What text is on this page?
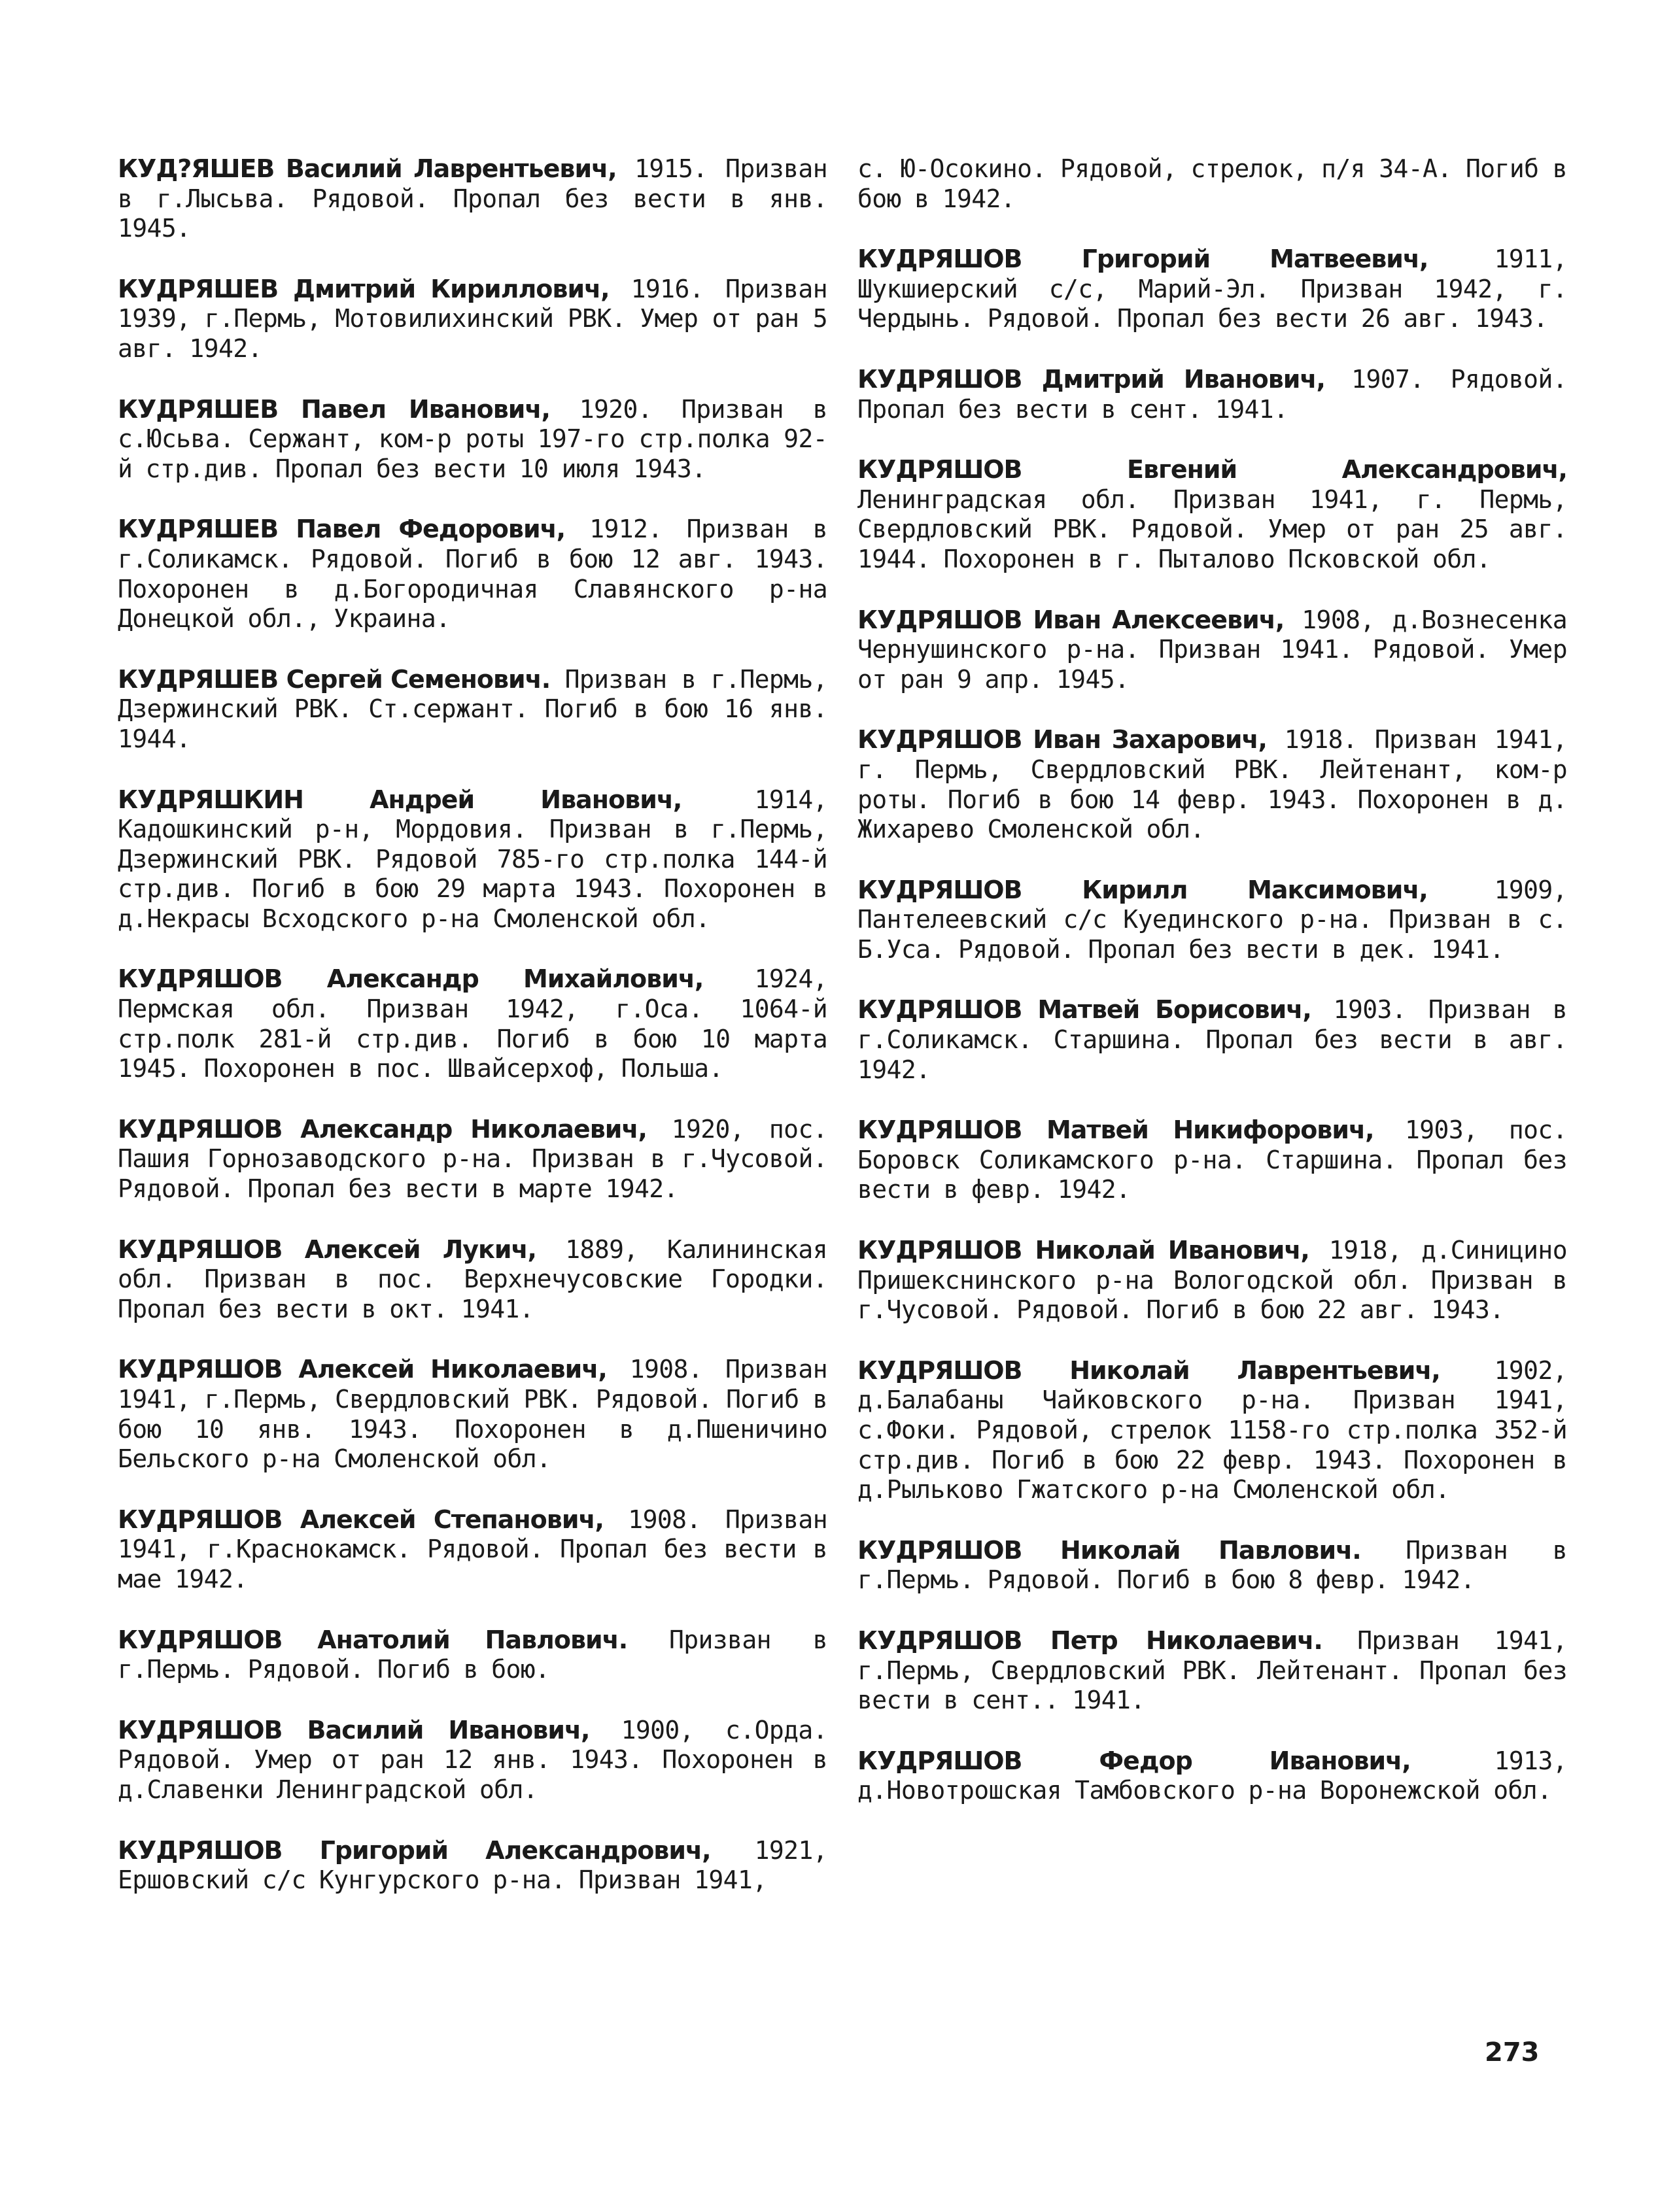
КУД?ЯШЕВ Василий Лаврентьевич, 1915. Призван в г.Лысьва. Рядовой. Пропал без вести в янв. 1945.

КУДРЯШЕВ Дмитрий Кириллович, 1916. Призван 1939, г.Пермь, Мотовилихинский РВК. Умер от ран 5 авг. 1942.

КУДРЯШЕВ Павел Иванович, 1920. Призван в с.Юсьва. Сержант, ком-р роты 197-го стр.полка 92-й стр.див. Пропал без вести 10 июля 1943.

КУДРЯШЕВ Павел Федорович, 1912. Призван в г.Соликамск. Рядовой. Погиб в бою 12 авг. 1943. Похоронен в д.Богородичная Славянского р-на Донецкой обл., Украина.

КУДРЯШЕВ Сергей Семенович. Призван в г.Пермь, Дзержинский РВК. Ст.сержант. Погиб в бою 16 янв. 1944.

КУДРЯШКИН Андрей Иванович, 1914, Кадошкинский р-н, Мордовия. Призван в г.Пермь, Дзержинский РВК. Рядовой 785-го стр.полка 144-й стр.див. Погиб в бою 29 марта 1943. Похоронен в д.Некрасы Всходского р-на Смоленской обл.

КУДРЯШОВ Александр Михайлович, 1924, Пермская обл. Призван 1942, г.Оса. 1064-й стр.полк 281-й стр.див. Погиб в бою 10 марта 1945. Похоронен в пос. Швайсерхоф, Польша.

КУДРЯШОВ Александр Николаевич, 1920, пос. Пашия Горнозаводского р-на. Призван в г.Чусовой. Рядовой. Пропал без вести в марте 1942.

КУДРЯШОВ Алексей Лукич, 1889, Калининская обл. Призван в пос. Верхнечусовские Городки. Пропал без вести в окт. 1941.

КУДРЯШОВ Алексей Николаевич, 1908. Призван 1941, г.Пермь, Свердловский РВК. Рядовой. Погиб в бою 10 янв. 1943. Похоронен в д.Пшеничино Бельского р-на Смоленской обл.

КУДРЯШОВ Алексей Степанович, 1908. Призван 1941, г.Краснокамск. Рядовой. Пропал без вести в мае 1942.

КУДРЯШОВ Анатолий Павлович. Призван в г.Пермь. Рядовой. Погиб в бою.

КУДРЯШОВ Василий Иванович, 1900, с.Орда. Рядовой. Умер от ран 12 янв. 1943. Похоронен в д.Славенки Ленинградской обл.

КУДРЯШОВ Григорий Александрович, 1921, Ершовский с/с Кунгурского р-на. Призван 1941,

с. Ю-Осокино. Рядовой, стрелок, п/я 34-А. Погиб в бою в 1942.

КУДРЯШОВ Григорий Матвеевич, 1911, Шукшиерский с/с, Марий-Эл. Призван 1942, г. Чердынь. Рядовой. Пропал без вести 26 авг. 1943.

КУДРЯШОВ Дмитрий Иванович, 1907. Рядовой. Пропал без вести в сент. 1941.

КУДРЯШОВ Евгений Александрович, Ленинградская обл. Призван 1941, г. Пермь, Свердловский РВК. Рядовой. Умер от ран 25 авг. 1944. Похоронен в г. Пыталово Псковской обл.

КУДРЯШОВ Иван Алексеевич, 1908, д.Вознесенка Чернушинского р-на. Призван 1941. Рядовой. Умер от ран 9 апр. 1945.

КУДРЯШОВ Иван Захарович, 1918. Призван 1941, г. Пермь, Свердловский РВК. Лейтенант, ком-р роты. Погиб в бою 14 февр. 1943. Похоронен в д. Жихарево Смоленской обл.

КУДРЯШОВ Кирилл Максимович, 1909, Пантелеевский с/с Куединского р-на. Призван в с. Б.Уса. Рядовой. Пропал без вести в дек. 1941.

КУДРЯШОВ Матвей Борисович, 1903. Призван в г.Соликамск. Старшина. Пропал без вести в авг. 1942.

КУДРЯШОВ Матвей Никифорович, 1903, пос. Боровск Соликамского р-на. Старшина. Пропал без вести в февр. 1942.

КУДРЯШОВ Николай Иванович, 1918, д.Синицино Пришекснинского р-на Вологодской обл. Призван в г.Чусовой. Рядовой. Погиб в бою 22 авг. 1943.

КУДРЯШОВ Николай Лаврентьевич, 1902, д.Балабаны Чайковского р-на. Призван 1941, с.Фоки. Рядовой, стрелок 1158-го стр.полка 352-й стр.див. Погиб в бою 22 февр. 1943. Похоронен в д.Рыльково Гжатского р-на Смоленской обл.

КУДРЯШОВ Николай Павлович. Призван в г.Пермь. Рядовой. Погиб в бою 8 февр. 1942.

КУДРЯШОВ Петр Николаевич. Призван 1941, г.Пермь, Свердловский РВК. Лейтенант. Пропал без вести в сент.. 1941.

КУДРЯШОВ Федор Иванович, 1913, д.Новотрошская Тамбовского р-на Воронежской обл.

273
